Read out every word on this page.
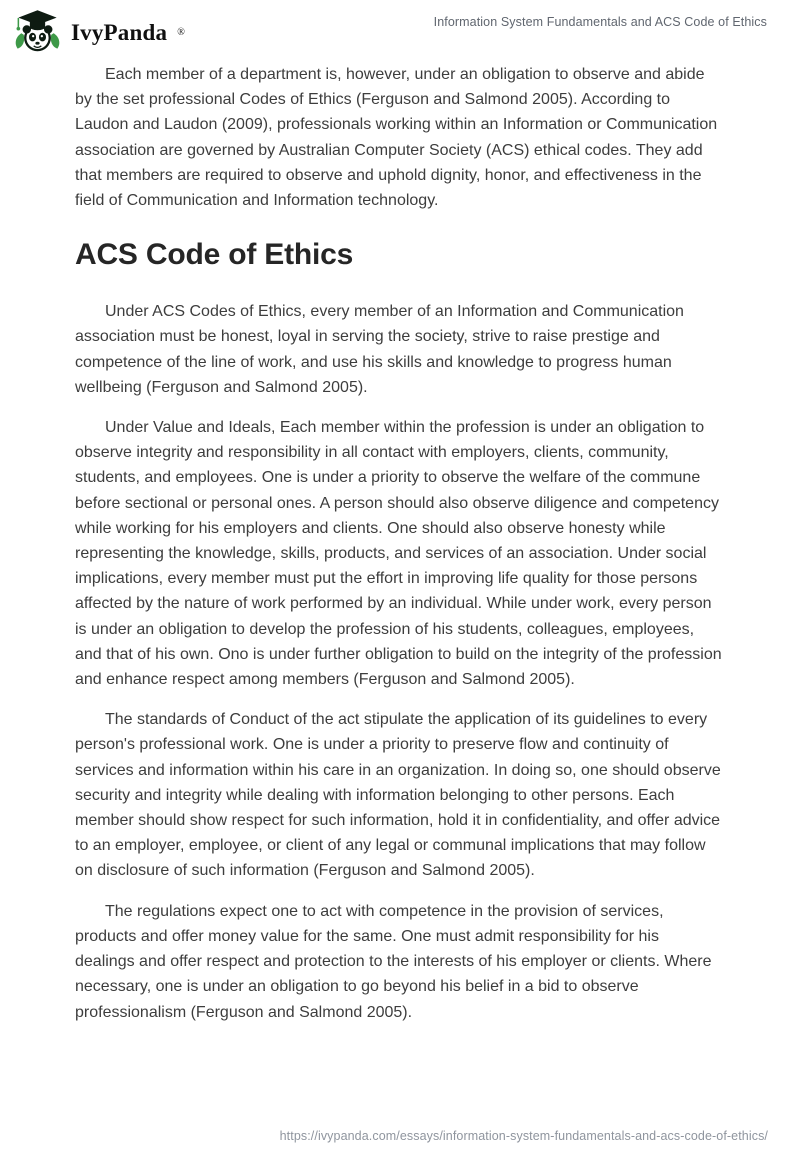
IvyPanda ®
Information System Fundamentals and ACS Code of Ethics

Each member of a department is, however, under an obligation to observe and abide by the set professional Codes of Ethics (Ferguson and Salmond 2005). According to Laudon and Laudon (2009), professionals working within an Information or Communication association are governed by Australian Computer Society (ACS) ethical codes. They add that members are required to observe and uphold dignity, honor, and effectiveness in the field of Communication and Information technology.

ACS Code of Ethics

Under ACS Codes of Ethics, every member of an Information and Communication association must be honest, loyal in serving the society, strive to raise prestige and competence of the line of work, and use his skills and knowledge to progress human wellbeing (Ferguson and Salmond 2005).

Under Value and Ideals, Each member within the profession is under an obligation to observe integrity and responsibility in all contact with employers, clients, community, students, and employees. One is under a priority to observe the welfare of the commune before sectional or personal ones. A person should also observe diligence and competency while working for his employers and clients. One should also observe honesty while representing the knowledge, skills, products, and services of an association. Under social implications, every member must put the effort in improving life quality for those persons affected by the nature of work performed by an individual. While under work, every person is under an obligation to develop the profession of his students, colleagues, employees, and that of his own. Ono is under further obligation to build on the integrity of the profession and enhance respect among members (Ferguson and Salmond 2005).

The standards of Conduct of the act stipulate the application of its guidelines to every person's professional work. One is under a priority to preserve flow and continuity of services and information within his care in an organization. In doing so, one should observe security and integrity while dealing with information belonging to other persons. Each member should show respect for such information, hold it in confidentiality, and offer advice to an employer, employee, or client of any legal or communal implications that may follow on disclosure of such information (Ferguson and Salmond 2005).

The regulations expect one to act with competence in the provision of services, products and offer money value for the same. One must admit responsibility for his dealings and offer respect and protection to the interests of his employer or clients. Where necessary, one is under an obligation to go beyond his belief in a bid to observe professionalism (Ferguson and Salmond 2005).

https://ivypanda.com/essays/information-system-fundamentals-and-acs-code-of-ethics/
